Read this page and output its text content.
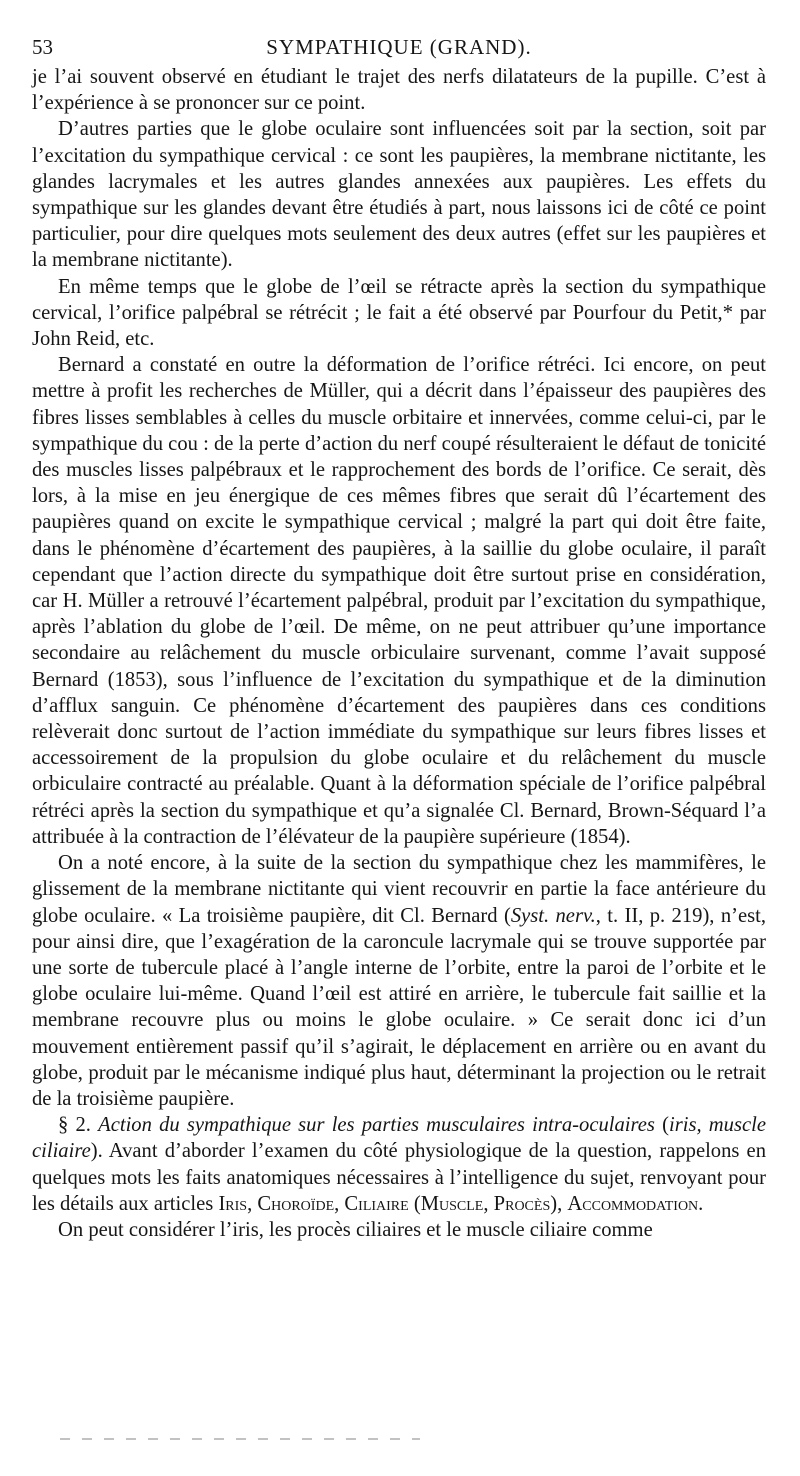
53	SYMPATHIQUE (GRAND).

je l’ai souvent observé en étudiant le trajet des nerfs dilatateurs de la pupille. C’est à l’expérience à se prononcer sur ce point.

D’autres parties que le globe oculaire sont influencées soit par la section, soit par l’excitation du sympathique cervical : ce sont les paupières, la membrane nictitante, les glandes lacrymales et les autres glandes annexées aux paupières. Les effets du sympathique sur les glandes devant être étudiés à part, nous laissons ici de côté ce point particulier, pour dire quelques mots seulement des deux autres (effet sur les paupières et la membrane nictitante).

En même temps que le globe de l’œil se rétracte après la section du sympathique cervical, l’orifice palpébral se rétrécit ; le fait a été observé par Pourfour du Petit,* par John Reid, etc.

Bernard a constaté en outre la déformation de l’orifice rétréci. Ici encore, on peut mettre à profit les recherches de Müller, qui a décrit dans l’épaisseur des paupières des fibres lisses semblables à celles du muscle orbitaire et innervées, comme celui-ci, par le sympathique du cou : de la perte d’action du nerf coupé résulteraient le défaut de tonicité des muscles lisses palpébraux et le rapprochement des bords de l’orifice. Ce serait, dès lors, à la mise en jeu énergique de ces mêmes fibres que serait dû l’écartement des paupières quand on excite le sympathique cervical ; malgré la part qui doit être faite, dans le phénomène d’écartement des paupières, à la saillie du globe oculaire, il paraît cependant que l’action directe du sympathique doit être surtout prise en considération, car H. Müller a retrouvé l’écartement palpébral, produit par l’excitation du sympathique, après l’ablation du globe de l’œil. De même, on ne peut attribuer qu’une importance secondaire au relâchement du muscle orbiculaire survenant, comme l’avait supposé Bernard (1853), sous l’influence de l’excitation du sympathique et de la diminution d’afflux sanguin. Ce phénomène d’écartement des paupières dans ces conditions relèverait donc surtout de l’action immédiate du sympathique sur leurs fibres lisses et accessoirement de la propulsion du globe oculaire et du relâchement du muscle orbiculaire contracté au préalable. Quant à la déformation spéciale de l’orifice palpébral rétréci après la section du sympathique et qu’a signalée Cl. Bernard, Brown-Séquard l’a attribuée à la contraction de l’élévateur de la paupière supérieure (1854).

On a noté encore, à la suite de la section du sympathique chez les mammifères, le glissement de la membrane nictitante qui vient recouvrir en partie la face antérieure du globe oculaire. « La troisième paupière, dit Cl. Bernard (Syst. nerv., t. II, p. 219), n’est, pour ainsi dire, que l’exagération de la caroncule lacrymale qui se trouve supportée par une sorte de tubercule placé à l’angle interne de l’orbite, entre la paroi de l’orbite et le globe oculaire lui-même. Quand l’œil est attiré en arrière, le tubercule fait saillie et la membrane recouvre plus ou moins le globe oculaire. » Ce serait donc ici d’un mouvement entièrement passif qu’il s’agirait, le déplacement en arrière ou en avant du globe, produit par le mécanisme indiqué plus haut, déterminant la projection ou le retrait de la troisième paupière.

§ 2. Action du sympathique sur les parties musculaires intra-oculaires (iris, muscle ciliaire). Avant d’aborder l’examen du côté physiologique de la question, rappelons en quelques mots les faits anatomiques nécessaires à l’intelligence du sujet, renvoyant pour les détails aux articles Iris, Choroïde, Ciliaire (Muscle, Procès), Accommodation.

On peut considérer l’iris, les procès ciliaires et le muscle ciliaire comme
